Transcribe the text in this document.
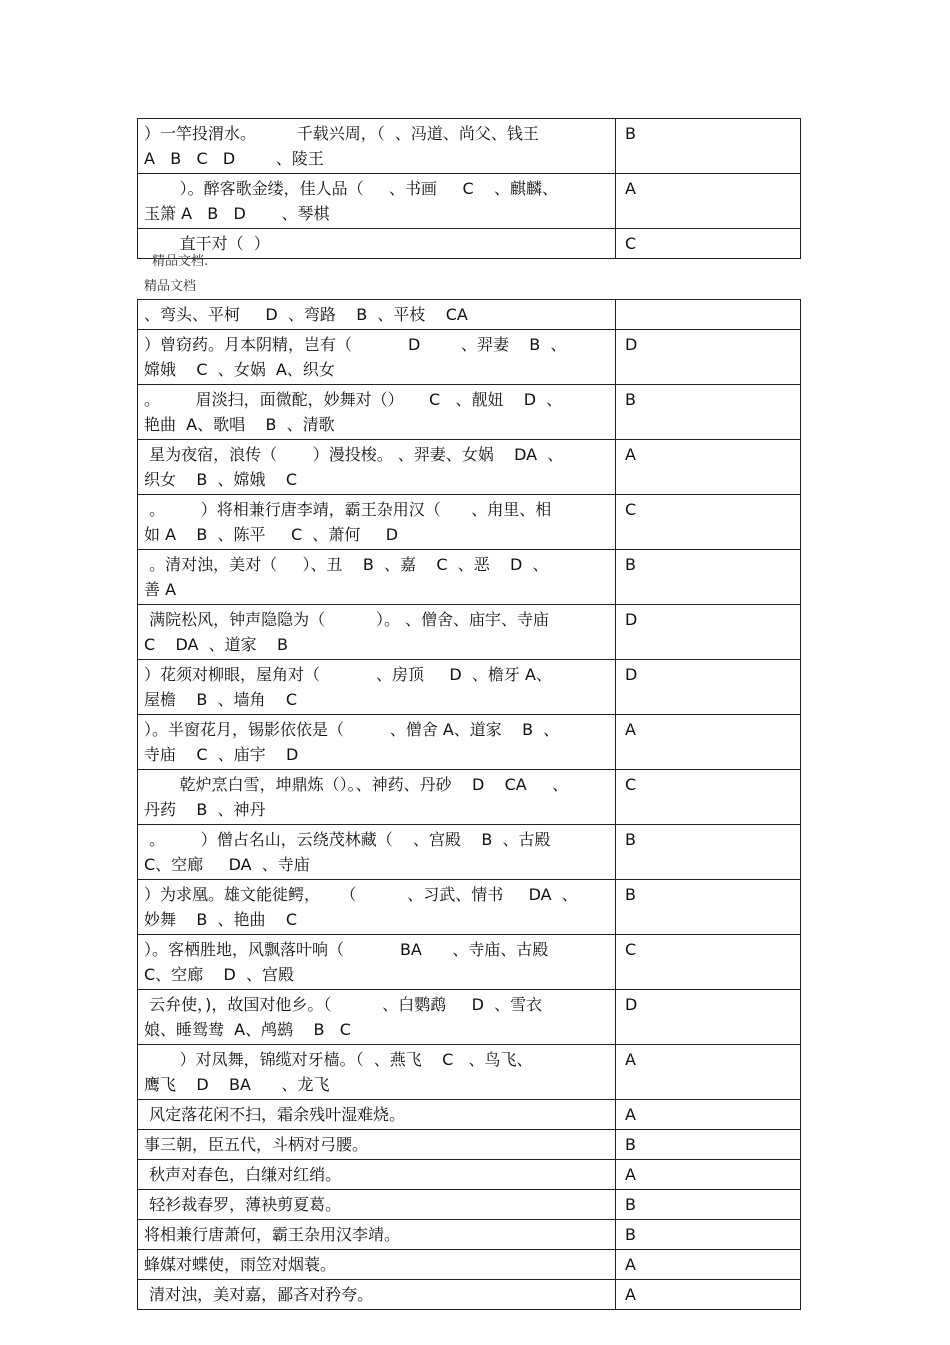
）一竿投渭水。        千载兴周，（  、冯道、尚父、钱王
A   B   C   D        、陵王	B
）。醉客歌金缕，佳人品（     、书画     C    、麒麟、
玉箫 A   B   D       、琴棋	A
直干对（  ）	C
精品文档.
精品文档
、弯头、平柯     D  、弯路    B  、平枝    CA	
）曾窃药。月本阴精，岂有（           D        、羿妻    B  、
嫦娥    C  、女娲  A、织女	D
。       眉淡扫，面微酡，妙舞对（）     C   、靓妞    D  、
艳曲  A、歌唱    B  、清歌	B
星为夜宿，浪传（       ）漫投梭。 、羿妻、女娲    DA  、
织女    B  、嫦娥    C	A
。       ）将相兼行唐李靖，霸王杂用汉（      、甪里、相
如 A    B  、陈平     C  、萧何     D	C
。清对浊，美对（     ）、丑    B  、嘉    C  、恶    D  、
善 A	B
满院松风，钟声隐隐为（          ）。 、僧舍、庙宇、寺庙
C    DA  、道家    B	D
）花须对柳眼，屋角对（           、房顶     D  、檐牙 A、
屋檐    B  、墙角    C	D
）。半窗花月，锡影依依是（         、僧舍 A、道家    B  、
寺庙    C  、庙宇    D	A
乾炉烹白雪，坤鼎炼（）。、神药、丹砂    D    CA     、
丹药    B  、神丹	C
。       ）僧占名山，云绕茂林藏（    、宫殿    B  、古殿
C、空廊     DA  、寺庙	B
）为求凰。雄文能徙鳄，    （          、习武、情书     DA  、
妙舞    B  、艳曲    C	B
）。客栖胜地，风飘落叶响（           BA      、寺庙、古殿
C、空廊    D  、宫殿	C
云弁使，)，故国对他乡。（          、白鹦鹉     D  、雪衣
娘、睡鸳鸯  A、鸬鹚    B   C	D
）对凤舞，锦缆对牙樯。（  、燕飞    C   、鸟飞、
鹰飞    D    BA      、龙飞	A
风定落花闲不扫，霜余残叶湿难烧。	A
事三朝，臣五代，斗柄对弓腰。	B
秋声对春色，白缣对红绡。	A
轻衫裁春罗，薄袂剪夏葛。	B
将相兼行唐萧何，霸王杂用汉李靖。	B
蜂媒对蝶使，雨笠对烟蓑。	A
清对浊，美对嘉，鄙吝对矜夸。	A
